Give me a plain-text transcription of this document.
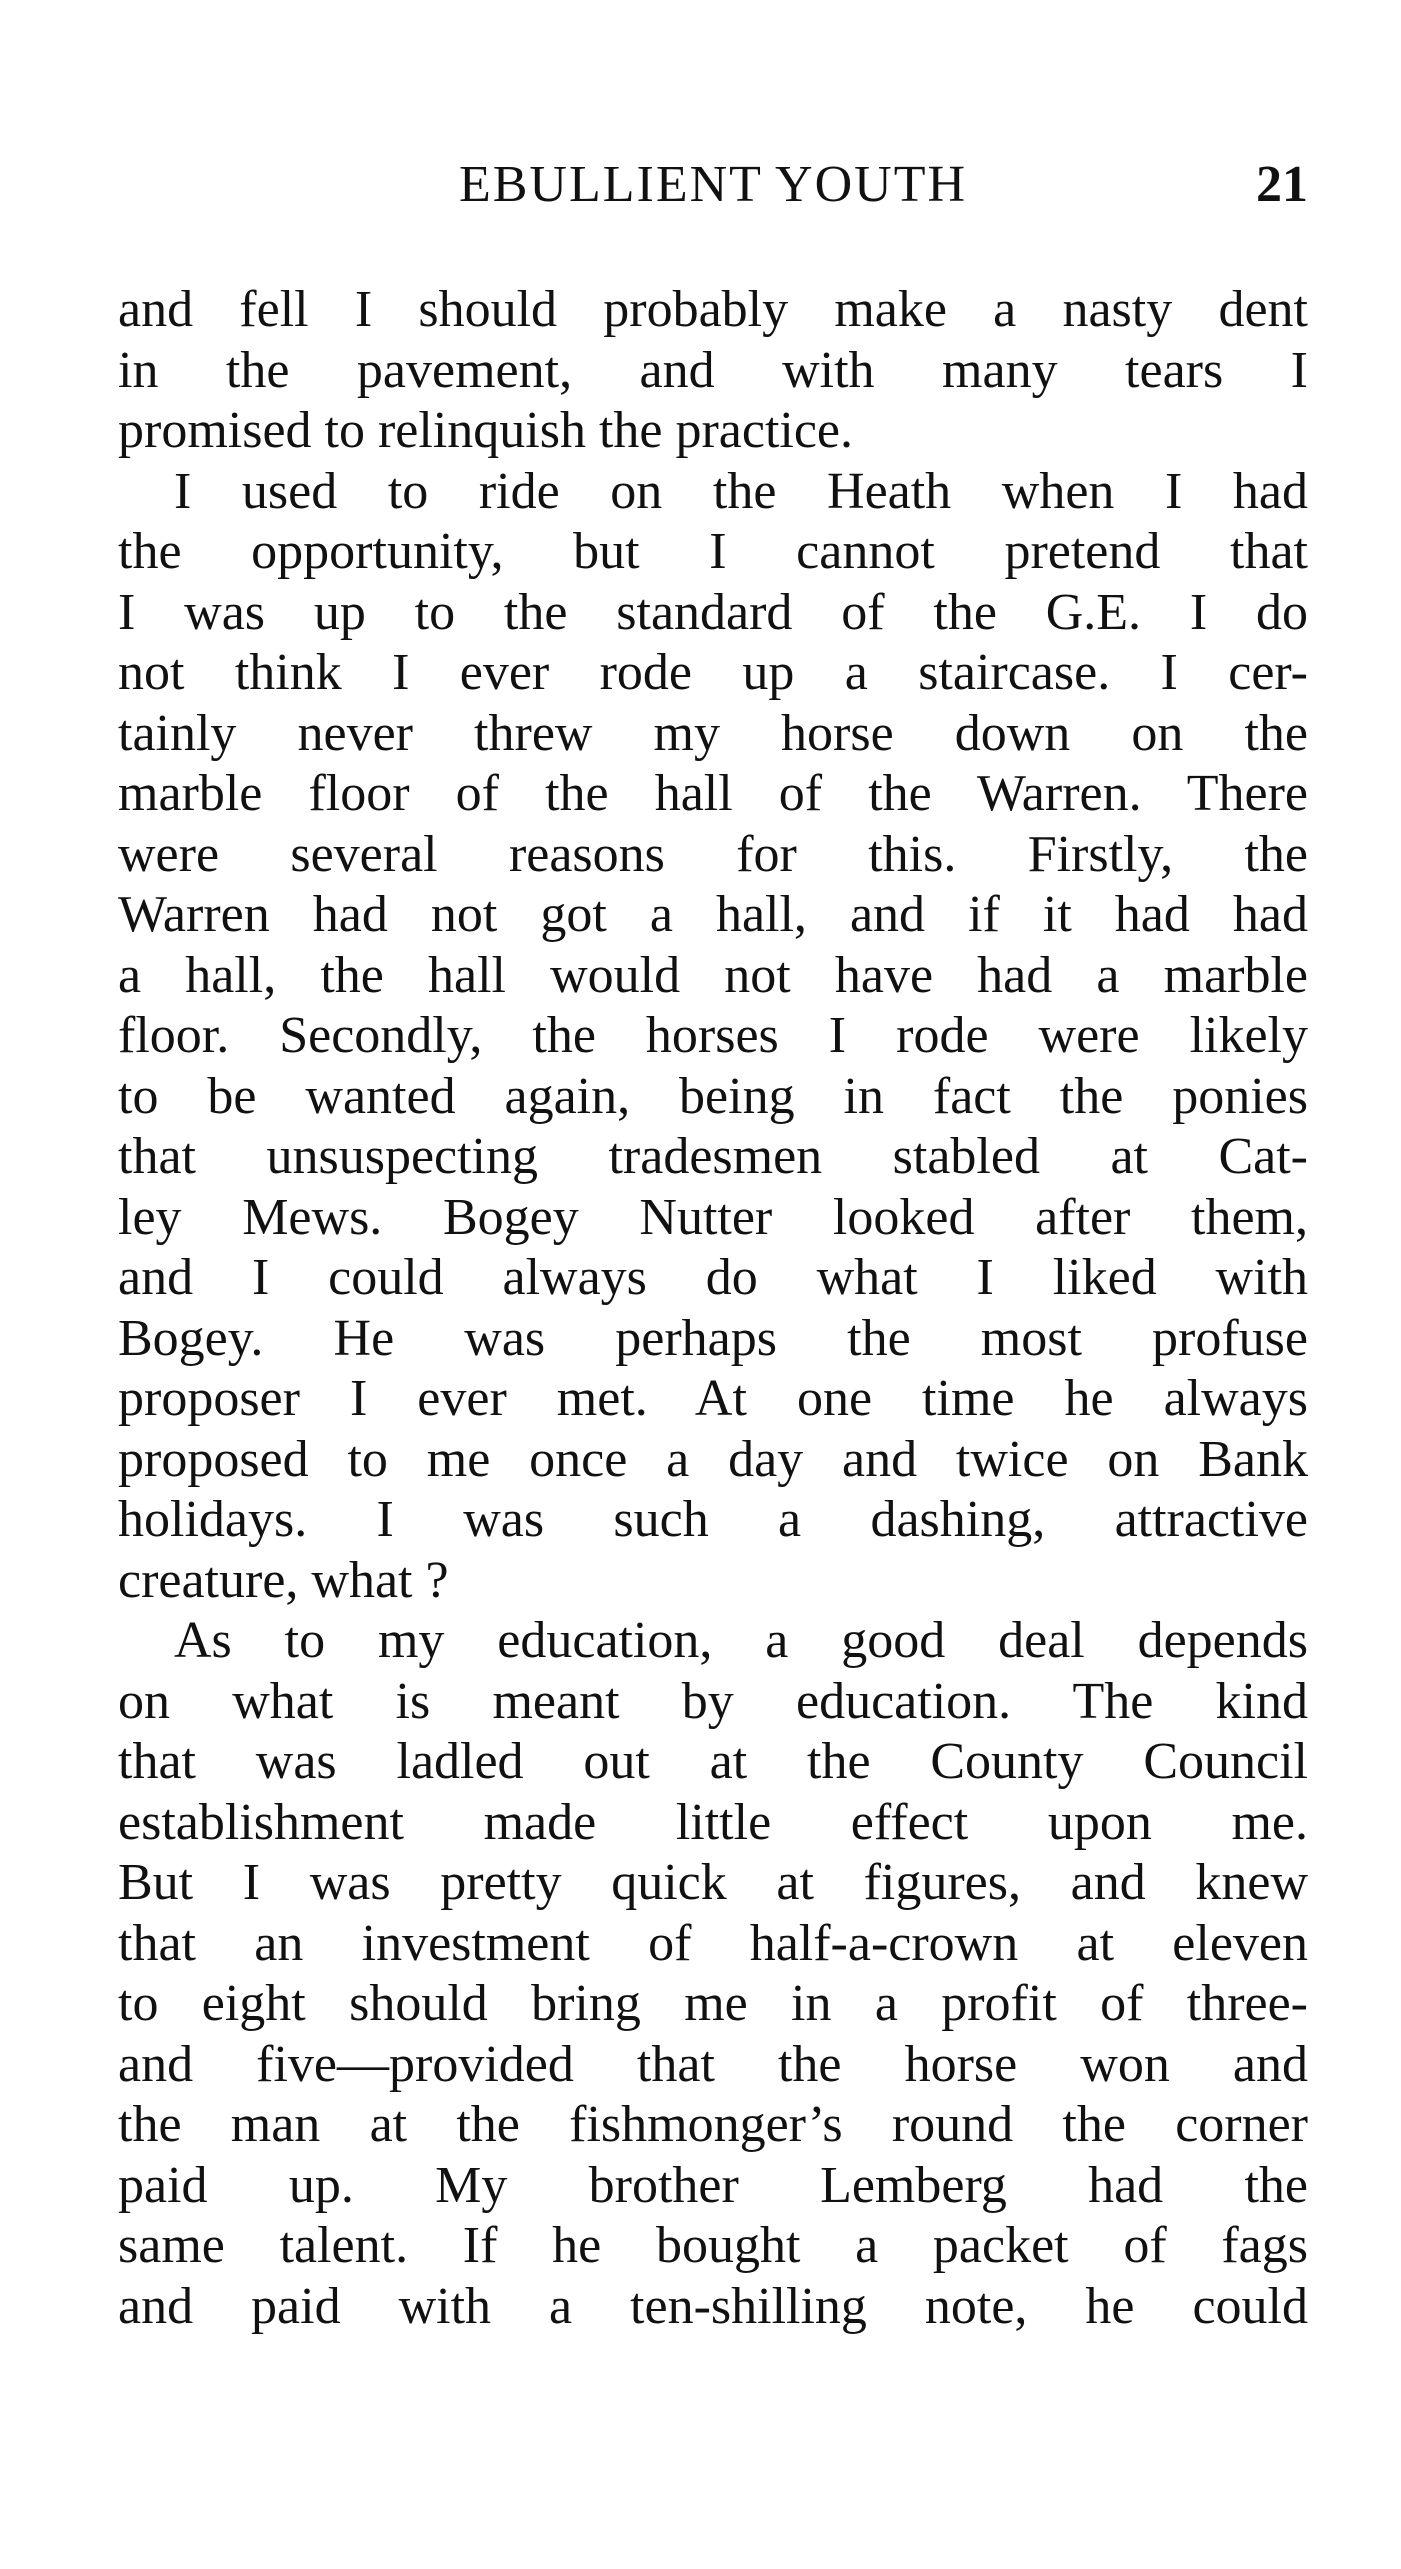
EBULLIENT YOUTH	21
and fell I should probably make a nasty dent
in the pavement, and with many tears I
promised to relinquish the practice.
I used to ride on the Heath when I had
the opportunity, but I cannot pretend that
I was up to the standard of the G.E. I do
not think I ever rode up a staircase. I cer-
tainly never threw my horse down on the
marble floor of the hall of the Warren. There
were several reasons for this. Firstly, the
Warren had not got a hall, and if it had had
a hall, the hall would not have had a marble
floor. Secondly, the horses I rode were likely
to be wanted again, being in fact the ponies
that unsuspecting tradesmen stabled at Cat-
ley Mews. Bogey Nutter looked after them,
and I could always do what I liked with
Bogey. He was perhaps the most profuse
proposer I ever met. At one time he always
proposed to me once a day and twice on Bank
holidays. I was such a dashing, attractive
creature, what ?
As to my education, a good deal depends
on what is meant by education. The kind
that was ladled out at the County Council
establishment made little effect upon me.
But I was pretty quick at figures, and knew
that an investment of half-a-crown at eleven
to eight should bring me in a profit of three-
and five—provided that the horse won and
the man at the fishmonger’s round the corner
paid up. My brother Lemberg had the
same talent. If he bought a packet of fags
and paid with a ten-shilling note, he could
